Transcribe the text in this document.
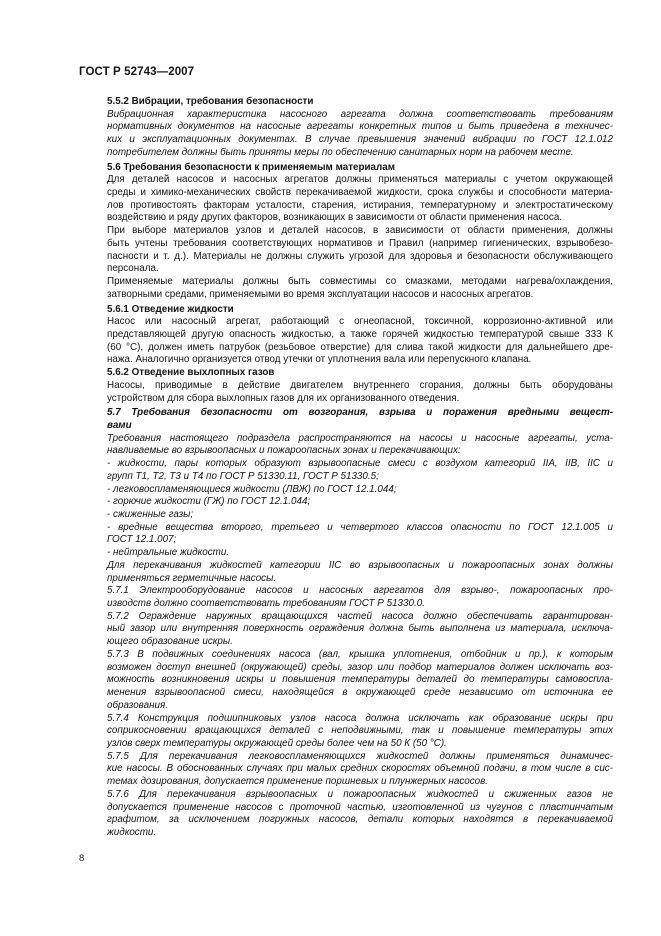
ГОСТ Р 52743—2007

5.5.2 Вибрации, требования безопасности

Вибрационная характеристика насосного агрегата должна соответствовать требованиям
нормативных документов на насосные агрегаты конкретных типов и быть приведена в техничес-
ких и эксплуатационных документах. В случае превышения значений вибрации по ГОСТ 12.1.012
потребителем должны быть приняты меры по обеспечению санитарных норм на рабочем месте.

5.6 Требования безопасности к применяемым материалам

Для деталей насосов и насосных агрегатов должны применяться материалы с учетом окружающей
среды и химико-механических свойств перекачиваемой жидкости, срока службы и способности материа-
лов противостоять факторам усталости, старения, истирания, температурному и электростатическому
воздействию и ряду других факторов, возникающих в зависимости от области применения насоса.

При выборе материалов узлов и деталей насосов, в зависимости от области применения, должны
быть учтены требования соответствующих нормативов и Правил (например гигиенических, взрывобезо-
пасности и т. д.). Материалы не должны служить угрозой для здоровья и безопасности обслуживающего
персонала.

Применяемые материалы должны быть совместимы со смазками, методами нагрева/охлаждения,
затворными средами, применяемыми во время эксплуатации насосов и насосных агрегатов.

5.6.1 Отведение жидкости

Насос или насосный агрегат, работающий с огнеопасной, токсичной, коррозионно-активной или
представляющей другую опасность жидкостью, а также горячей жидкостью температурой свыше 333 К
(60 °С), должен иметь патрубок (резьбовое отверстие) для слива такой жидкости для дальнейшего дре-
нажа. Аналогично организуется отвод утечки от уплотнения вала или перепускного клапана.

5.6.2 Отведение выхлопных газов

Насосы, приводимые в действие двигателем внутреннего сгорания, должны быть оборудованы
устройством для сбора выхлопных газов для их организованного отведения.

5.7 Требования безопасности от возгорания, взрыва и поражения вредными вещест-
вами

Требования настоящего подраздела распространяются на насосы и насосные агрегаты, уста-
навливаемые во взрывоопасных и пожароопасных зонах и перекачивающих:

- жидкости, пары которых образуют взрывоопасные смеси с воздухом категорий IIA, IIB, IIC и
групп Т1, Т2, Т3 и Т4 по ГОСТ Р 51330.11, ГОСТ Р 51330.5;

- легковоспламеняющиеся жидкости (ЛВЖ) по ГОСТ 12.1.044;

- горючие жидкости (ГЖ) по ГОСТ 12.1.044;

- сжиженные газы;

- вредные вещества второго, третьего и четвертого классов опасности по ГОСТ 12.1.005 и
ГОСТ 12.1.007;

- нейтральные жидкости.

Для перекачивания жидкостей категории IIC во взрывоопасных и пожароопасных зонах должны
применяться герметичные насосы.

5.7.1 Электрооборудование насосов и насосных агрегатов для взрыво-, пожароопасных про-
изводств должно соответствовать требованиям ГОСТ Р 51330.0.

5.7.2 Ограждение наружных вращающихся частей насоса должно обеспечивать гарантирован-
ный зазор или внутренняя поверхность ограждения должна быть выполнена из материала, исключа-
ющего образование искры.

5.7.3 В подвижных соединениях насоса (вал, крышка уплотнения, отбойник и пр.), к которым
возможен доступ внешней (окружающей) среды, зазор или подбор материалов должен исключать воз-
можность возникновения искры и повышения температуры деталей до температуры самовоспла-
менения взрывоопасной смеси, находящейся в окружающей среде независимо от источника ее
образования.

5.7.4 Конструкция подшипниковых узлов насоса должна исключать как образование искры при
соприкосновении вращающихся деталей с неподвижными, так и повышение температуры этих
узлов сверх температуры окружающей среды более чем на 50 К (50 °С).

5.7.5 Для перекачивания легковоспламеняющихся жидкостей должны применяться динамичес-
кие насосы. В обоснованных случаях при малых средних скоростях объемной подачи, в том числе в сис-
темах дозирования, допускается применение поршневых и плунжерных насосов.

5.7.6 Для перекачивания взрывоопасных и пожароопасных жидкостей и сжиженных газов не
допускается применение насосов с проточной частью, изготовленной из чугунов с пластинчатым
графитом, за исключением погружных насосов, детали которых находятся в перекачиваемой
жидкости.

8
